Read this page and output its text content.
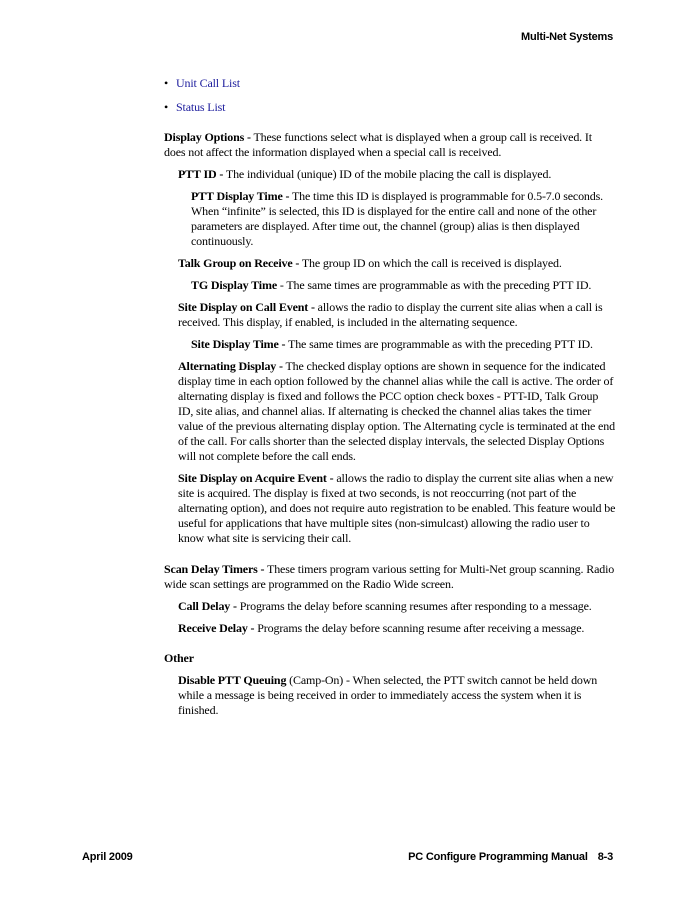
Multi-Net Systems
• Unit Call List
• Status List

Display Options - These functions select what is displayed when a group call is received. It does not affect the information displayed when a special call is received.

PTT ID - The individual (unique) ID of the mobile placing the call is displayed.

PTT Display Time - The time this ID is displayed is programmable for 0.5-7.0 seconds. When “infinite” is selected, this ID is displayed for the entire call and none of the other parameters are displayed. After time out, the channel (group) alias is then displayed continuously.

Talk Group on Receive - The group ID on which the call is received is displayed.

TG Display Time - The same times are programmable as with the preceding PTT ID.

Site Display on Call Event - allows the radio to display the current site alias when a call is received. This display, if enabled, is included in the alternating sequence.

Site Display Time - The same times are programmable as with the preceding PTT ID.

Alternating Display - The checked display options are shown in sequence for the indicated display time in each option followed by the channel alias while the call is active. The order of alternating display is fixed and follows the PCC option check boxes - PTT-ID, Talk Group ID, site alias, and channel alias. If alternating is checked the channel alias takes the timer value of the previous alternating display option. The Alternating cycle is terminated at the end of the call. For calls shorter than the selected display intervals, the selected Display Options will not complete before the call ends.

Site Display on Acquire Event - allows the radio to display the current site alias when a new site is acquired. The display is fixed at two seconds, is not reoccurring (not part of the alternating option), and does not require auto registration to be enabled. This feature would be useful for applications that have multiple sites (non-simulcast) allowing the radio user to know what site is servicing their call.

Scan Delay Timers - These timers program various setting for Multi-Net group scanning. Radio wide scan settings are programmed on the Radio Wide screen.

Call Delay - Programs the delay before scanning resumes after responding to a message.

Receive Delay - Programs the delay before scanning resume after receiving a message.

Other

Disable PTT Queuing (Camp-On) - When selected, the PTT switch cannot be held down while a message is being received in order to immediately access the system when it is finished.

April 2009	PC Configure Programming Manual 8-3
